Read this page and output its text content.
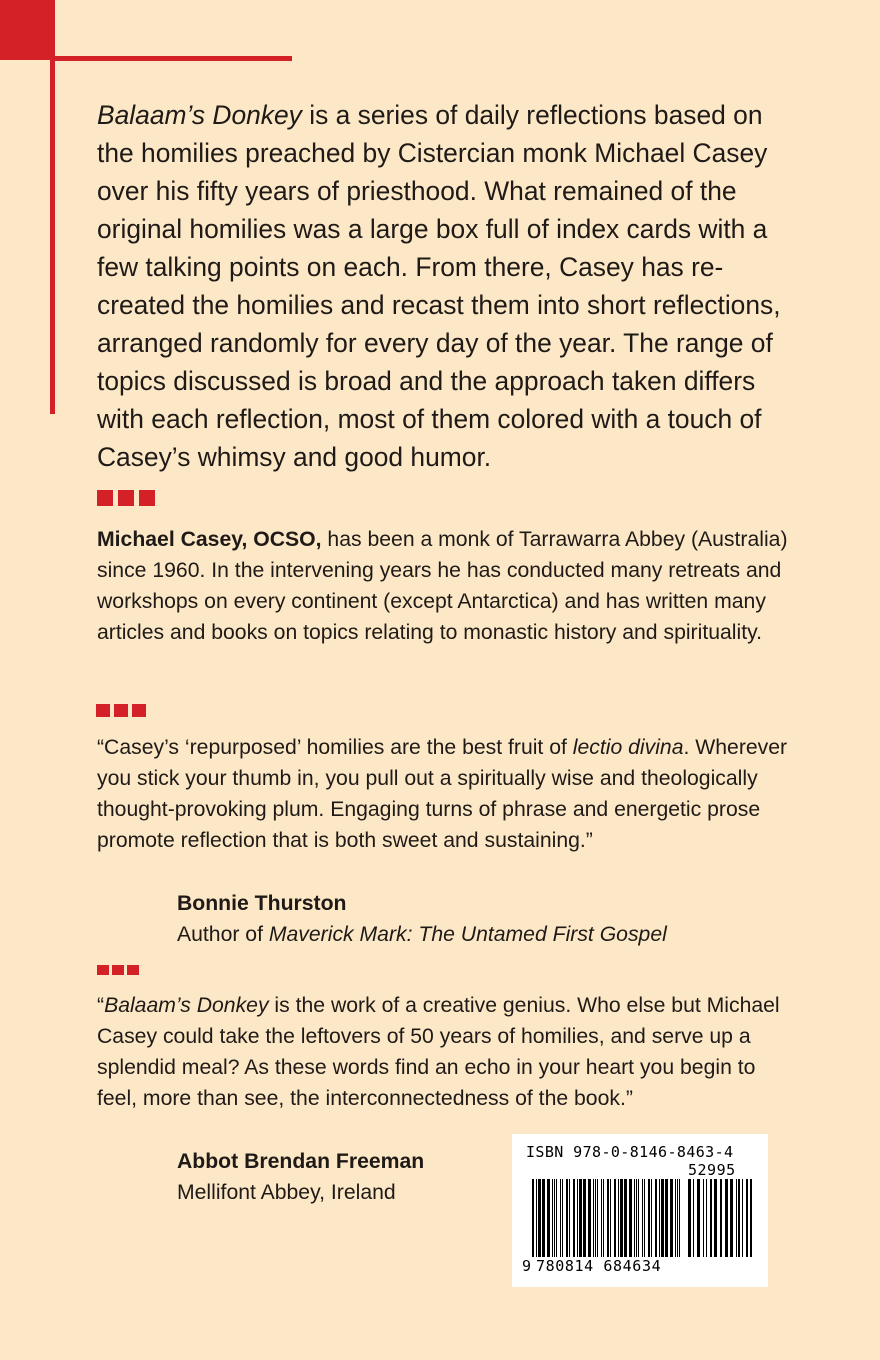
Balaam’s Donkey is a series of daily reflections based on the homilies preached by Cistercian monk Michael Casey over his fifty years of priesthood. What remained of the original homilies was a large box full of index cards with a few talking points on each. From there, Casey has re-created the homilies and recast them into short reflections, arranged randomly for every day of the year. The range of topics discussed is broad and the approach taken differs with each reflection, most of them colored with a touch of Casey’s whimsy and good humor.

Michael Casey, OCSO, has been a monk of Tarrawarra Abbey (Australia) since 1960. In the intervening years he has conducted many retreats and workshops on every continent (except Antarctica) and has written many articles and books on topics relating to monastic history and spirituality.

“Casey’s ‘repurposed’ homilies are the best fruit of lectio divina. Wherever you stick your thumb in, you pull out a spiritually wise and theologically thought-provoking plum. Engaging turns of phrase and energetic prose promote reflection that is both sweet and sustaining.”

Bonnie Thurston
Author of Maverick Mark: The Untamed First Gospel

“Balaam’s Donkey is the work of a creative genius. Who else but Michael Casey could take the leftovers of 50 years of homilies, and serve up a splendid meal? As these words find an echo in your heart you begin to feel, more than see, the interconnectedness of the book.”

Abbot Brendan Freeman
Mellifont Abbey, Ireland
ISBN 978-0-8146-8463-4
52995
9 780814 684634
